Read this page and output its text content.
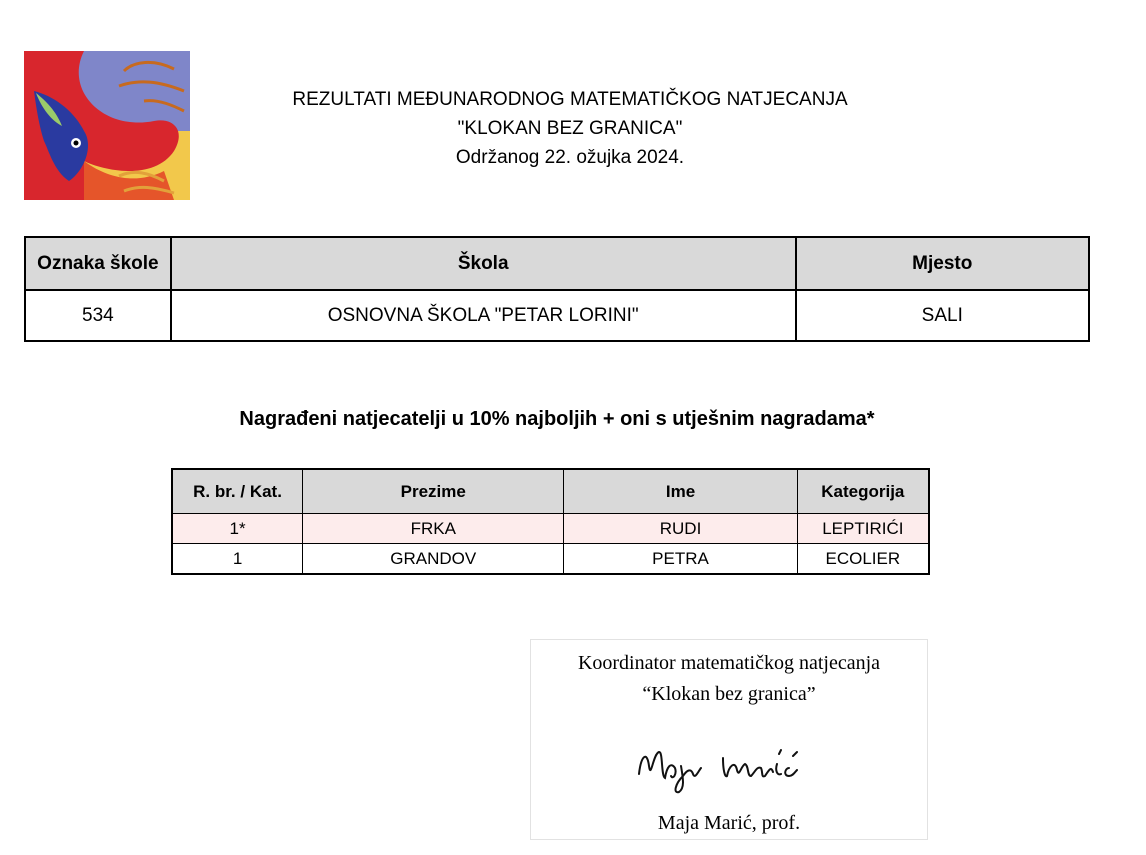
REZULTATI MEĐUNARODNOG MATEMATIČKOG NATJECANJA
"KLOKAN BEZ GRANICA"
Održanog 22. ožujka 2024.
Oznaka škole	Škola	Mjesto
534	OSNOVNA ŠKOLA "PETAR LORINI"	SALI
Nagrađeni natjecatelji u 10% najboljih + oni s utješnim nagradama*
R. br. / Kat.	Prezime	Ime	Kategorija
1*	FRKA	RUDI	LEPTIRIĆI
1	GRANDOV	PETRA	ECOLIER
Koordinator matematičkog natjecanja
“Klokan bez granica”
Maja Marić, prof.
